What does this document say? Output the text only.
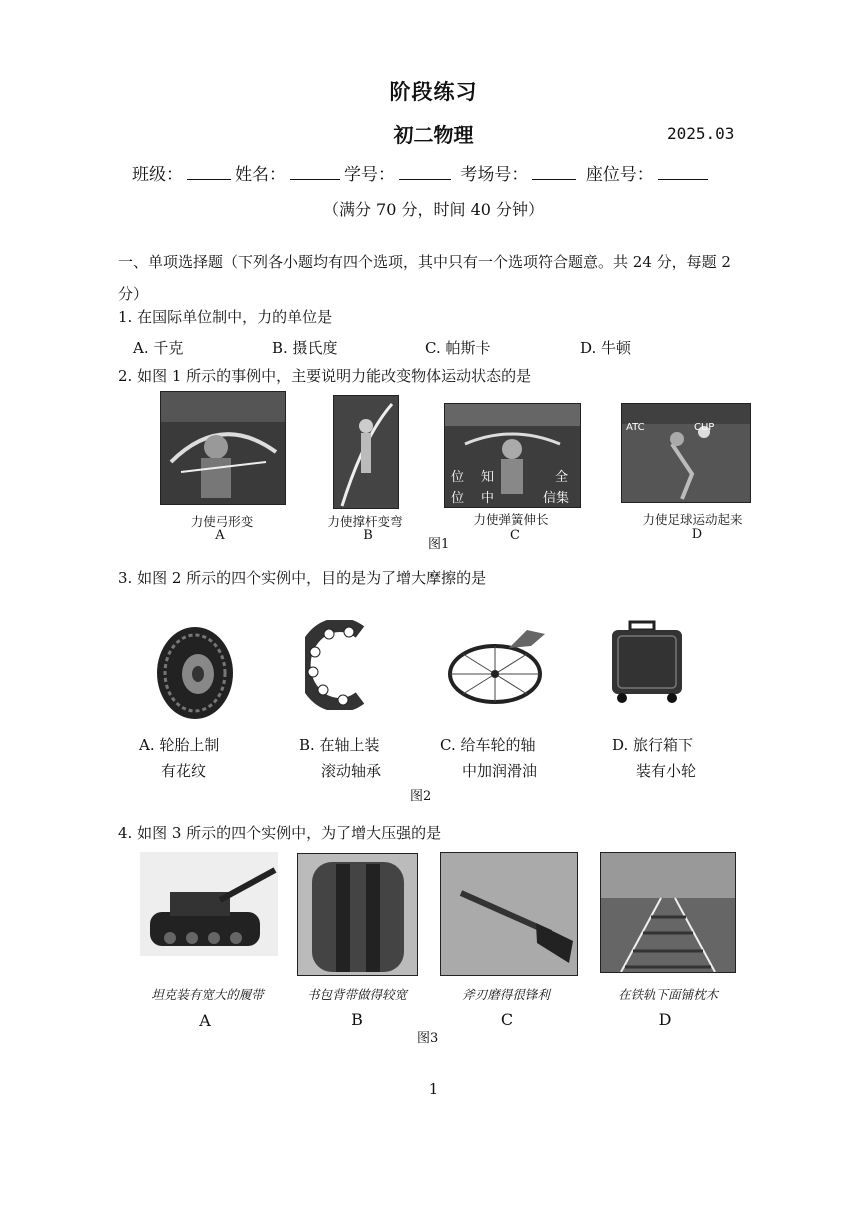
阶段练习
初二物理	2025.03
班级：	姓名：	学号：	考场号：	座位号：
（满分 70 分，时间 40 分钟）
一、单项选择题（下列各小题均有四个选项，其中只有一个选项符合题意。共 24 分，每题 2 分）
1. 在国际单位制中，力的单位是
A. 千克	B. 摄氏度	C. 帕斯卡	D. 牛顿
2. 如图 1 所示的事例中，主要说明力能改变物体运动状态的是
位 知	全
位 中	信集
ATC	CUP
力使弓形变	力使撑杆变弯	力使弹簧伸长	力使足球运动起来
A	B
图1
C	D
3. 如图 2 所示的四个实例中，目的是为了增大摩擦的是
A. 轮胎上制
有花纹
B. 在轴上装
滚动轴承
C. 给车轮的轴
中加润滑油
D. 旅行箱下
装有小轮
图2
4. 如图 3 所示的四个实例中，为了增大压强的是
坦克装有宽大的履带	书包背带做得较宽	斧刃磨得很锋利	在铁轨下面铺枕木
A	B	C	D
图3
1
